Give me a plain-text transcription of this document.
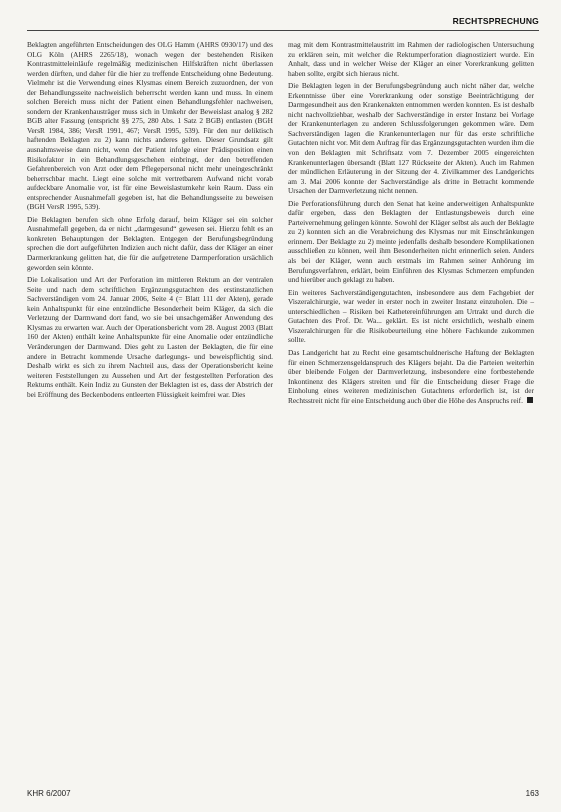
RECHTSPRECHUNG

Beklagten angeführten Entscheidungen des OLG Hamm (AHRS 0930/17) und des OLG Köln (AHRS 2265/18), wonach wegen der bestehenden Risiken Kontrastmitteleinläufe regelmäßig medizinischen Hilfskräften nicht überlassen werden dürften, und daher für die hier zu treffende Entscheidung ohne Bedeutung. Vielmehr ist die Verwendung eines Klysmas einem Bereich zuzuordnen, der von der Behandlungsseite nachweislich beherrscht werden kann und muss. In einem solchen Bereich muss nicht der Patient einen Behandlungsfehler nachweisen, sondern der Krankenhausträger muss sich in Umkehr der Beweislast analog § 282 BGB alter Fassung (entspricht §§ 275, 280 Abs. 1 Satz 2 BGB) entlasten (BGH VersR 1984, 386; VersR 1991, 467; VersR 1995, 539). Für den nur deliktisch haftenden Beklagten zu 2) kann nichts anderes gelten. Dieser Grundsatz gilt ausnahmsweise dann nicht, wenn der Patient infolge einer Prädisposition einen Risikofaktor in ein Behandlungsgeschehen einbringt, der den betreffenden Gefahrenbereich von Arzt oder dem Pflegepersonal nicht mehr uneingeschränkt beherrschbar macht. Liegt eine solche mit vertretbarem Aufwand nicht vorab aufdeckbare Anomalie vor, ist für eine Beweislastumkehr kein Raum. Dass ein entsprechender Ausnahmefall gegeben ist, hat die Behandlungsseite zu beweisen (BGH VersR 1995, 539).

Die Beklagten berufen sich ohne Erfolg darauf, beim Kläger sei ein solcher Ausnahmefall gegeben, da er nicht „darmgesund“ gewesen sei. Hierzu fehlt es an konkreten Behauptungen der Beklagten. Entgegen der Berufungsbegründung sprechen die dort aufgeführten Indizien auch nicht dafür, dass der Kläger an einer Darmerkrankung gelitten hat, die für die aufgetretene Darmperforation ursächlich geworden sein könnte.

Die Lokalisation und Art der Perforation im mittleren Rektum an der ventralen Seite und nach dem schriftlichen Ergänzungsgutachten des erstinstanzlichen Sachverständigen vom 24. Januar 2006, Seite 4 (= Blatt 111 der Akten), gerade kein Anhaltspunkt für eine entzündliche Besonderheit beim Kläger, da sich die Verletzung der Darmwand dort fand, wo sie bei unsachgemäßer Anwendung des Klysmas zu erwarten war. Auch der Operationsbericht vom 28. August 2003 (Blatt 160 der Akten) enthält keine Anhaltspunkte für eine Anomalie oder entzündliche Veränderungen der Darmwand. Dies geht zu Lasten der Beklagten, die für eine andere in Betracht kommende Ursache darlegungs- und beweispflichtig sind. Deshalb wirkt es sich zu ihrem Nachteil aus, dass der Operationsbericht keine weiteren Feststellungen zu Aussehen und Art der festgestellten Perforation des Rektums enthält. Kein Indiz zu Gunsten der Beklagten ist es, dass der Abstrich der bei Eröffnung des Beckenbodens entleerten Flüssigkeit keimfrei war. Dies

mag mit dem Kontrastmittelaustritt im Rahmen der radiologischen Untersuchung zu erklären sein, mit welcher die Rektumperforation diagnostiziert wurde. Ein Anhalt, dass und in welcher Weise der Kläger an einer Vorerkrankung gelitten haben sollte, ergibt sich hieraus nicht.

Die Beklagten legen in der Berufungsbegründung auch nicht näher dar, welche Erkenntnisse über eine Vorerkrankung oder sonstige Beeinträchtigung der Darmgesundheit aus den Krankenakten entnommen werden konnten. Es ist deshalb nicht nachvollziehbar, weshalb der Sachverständige in erster Instanz bei Vorlage der Krankenunterlagen zu anderen Schlussfolgerungen gekommen wäre. Dem Sachverständigen lagen die Krankenunterlagen nur für das erste schriftliche Gutachten nicht vor. Mit dem Auftrag für das Ergänzungsgutachten wurden ihm die von den Beklagten mit Schriftsatz vom 7. Dezember 2005 eingereichten Krankenunterlagen übersandt (Blatt 127 Rückseite der Akten). Auch im Rahmen der mündlichen Erläuterung in der Sitzung der 4. Zivilkammer des Landgerichts am 3. Mai 2006 konnte der Sachverständige als dritte in Betracht kommende Ursachen der Darmverletzung nicht nennen.

Die Perforationsführung durch den Senat hat keine anderweitigen Anhaltspunkte dafür ergeben, dass den Beklagten der Entlastungsbeweis durch eine Parteivernehmung gelingen könnte. Sowohl der Kläger selbst als auch der Beklagte zu 2) konnten sich an die Verabreichung des Klysmas nur mit Einschränkungen erinnern. Der Beklagte zu 2) meinte jedenfalls deshalb besondere Komplikationen ausschließen zu können, weil ihm Besonderheiten nicht erinnerlich seien. Anders als bei der Kläger, wenn auch erstmals im Rahmen seiner Anhörung im Berufungsverfahren, erklärt, beim Einführen des Klysmas Schmerzen empfunden und hierüber auch geklagt zu haben.

Ein weiteres Sachverständigengutachten, insbesondere aus dem Fachgebiet der Viszeralchirurgie, war weder in erster noch in zweiter Instanz einzuholen. Die – unterschiedlichen – Risiken bei Kathetereinführungen am Urtrakt und durch die Gutachten des Prof. Dr. Wa... geklärt. Es ist nicht ersichtlich, weshalb einem Viszeralchirurgen für die Risikobeurteilung eine höhere Fachkunde zukommen sollte.

Das Landgericht hat zu Recht eine gesamtschuldnerische Haftung der Beklagten für einen Schmerzensgeldanspruch des Klägers bejaht. Da die Parteien weiterhin über bleibende Folgen der Darmverletzung, insbesondere eine fortbestehende Inkontinenz des Klägers streiten und für die Entscheidung dieser Frage die Einholung eines weiteren medizinischen Gutachtens erforderlich ist, ist der Rechtsstreit nicht für eine Entscheidung auch über die Höhe des Anspruchs reif.

KHR 6/2007	163
